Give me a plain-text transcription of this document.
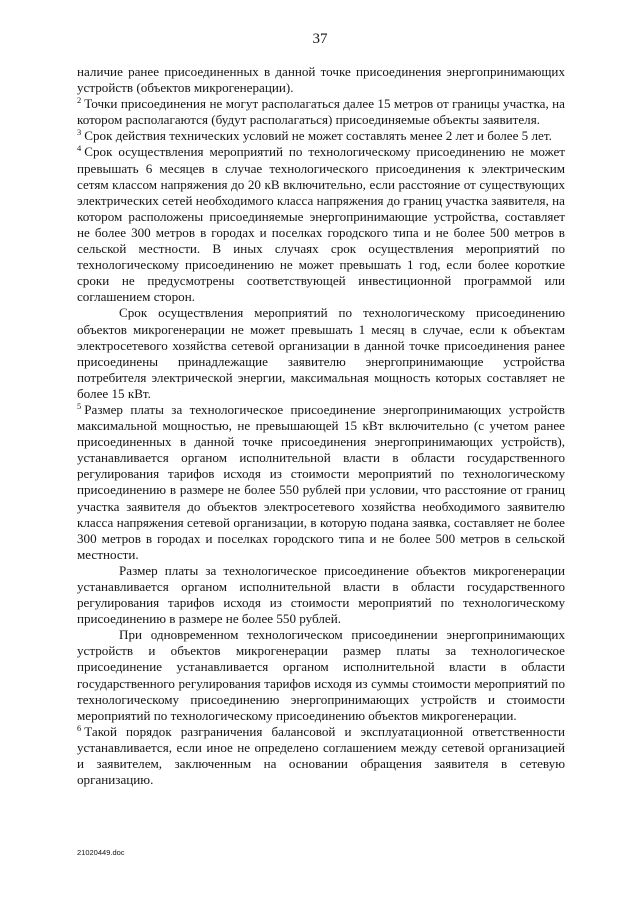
37

наличие ранее присоединенных в данной точке присоединения энергопринимающих устройств (объектов микрогенерации).

$^2$ Точки присоединения не могут располагаться далее 15 метров от границы участка, на котором располагаются (будут располагаться) присоединяемые объекты заявителя.

$^3$ Срок действия технических условий не может составлять менее 2 лет и более 5 лет.

$^4$ Срок осуществления мероприятий по технологическому присоединению не может превышать 6 месяцев в случае технологического присоединения к электрическим сетям классом напряжения до 20 кВ включительно, если расстояние от существующих электрических сетей необходимого класса напряжения до границ участка заявителя, на котором расположены присоединяемые энергопринимающие устройства, составляет не более 300 метров в городах и поселках городского типа и не более 500 метров в сельской местности. В иных случаях срок осуществления мероприятий по технологическому присоединению не может превышать 1 год, если более короткие сроки не предусмотрены соответствующей инвестиционной программой или соглашением сторон.

Срок осуществления мероприятий по технологическому присоединению объектов микрогенерации не может превышать 1 месяц в случае, если к объектам электросетевого хозяйства сетевой организации в данной точке присоединения ранее присоединены принадлежащие заявителю энергопринимающие устройства потребителя электрической энергии, максимальная мощность которых составляет не более 15 кВт.

$^5$ Размер платы за технологическое присоединение энергопринимающих устройств максимальной мощностью, не превышающей 15 кВт включительно (с учетом ранее присоединенных в данной точке присоединения энергопринимающих устройств), устанавливается органом исполнительной власти в области государственного регулирования тарифов исходя из стоимости мероприятий по технологическому присоединению в размере не более 550 рублей при условии, что расстояние от границ участка заявителя до объектов электросетевого хозяйства необходимого заявителю класса напряжения сетевой организации, в которую подана заявка, составляет не более 300 метров в городах и поселках городского типа и не более 500 метров в сельской местности.

Размер платы за технологическое присоединение объектов микрогенерации устанавливается органом исполнительной власти в области государственного регулирования тарифов исходя из стоимости мероприятий по технологическому присоединению в размере не более 550 рублей.

При одновременном технологическом присоединении энергопринимающих устройств и объектов микрогенерации размер платы за технологическое присоединение устанавливается органом исполнительной власти в области государственного регулирования тарифов исходя из суммы стоимости мероприятий по технологическому присоединению энергопринимающих устройств и стоимости мероприятий по технологическому присоединению объектов микрогенерации.

$^6$ Такой порядок разграничения балансовой и эксплуатационной ответственности устанавливается, если иное не определено соглашением между сетевой организацией и заявителем, заключенным на основании обращения заявителя в сетевую организацию.

21020449.doc
